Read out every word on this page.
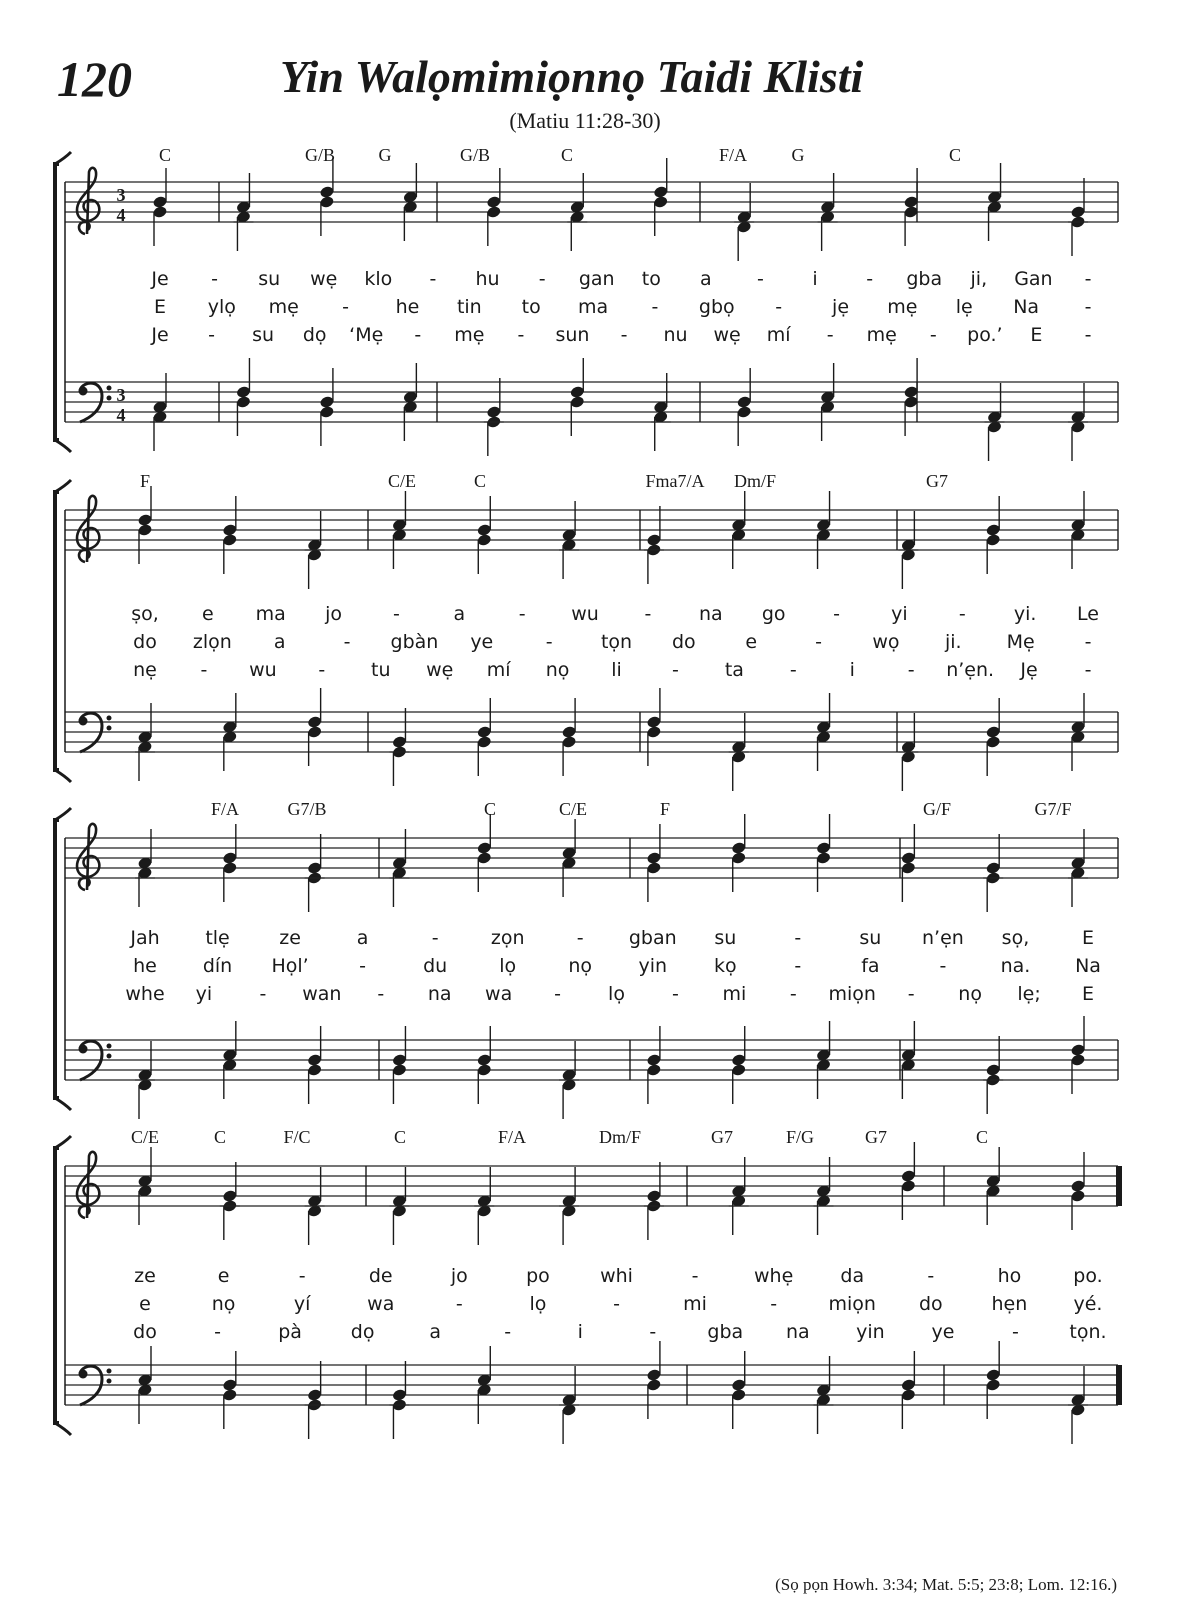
120	Yin Walọmimiọnnọ Taidi Klisti
(Matiu 11:28-30)
3
4
3
4
C	G/B G	G/B	C	F/A G	C
Je - su wẹ klo - hu - gan to a -	i	- gba ji, Gan -
E ylọ mẹ - he tin to ma - gbọ -	jẹ mẹ lẹ Na -
Je - su dọ ‘Mẹ - mẹ - sun - nu wẹ mí - mẹ - po.’ E -
F	C/E	C	Fma7/A Dm/F	G7
ṣo, e ma jo	-	a	- wu -	na go	-	yi	-	yi. Le
do zlọn a	- gbàn ye	-	tọn do	e	-	wọ ji. Mẹ	-
nẹ - wu - tu wẹ mí nọ li	- ta -	i	- n’ẹn. Jẹ -
F/A	G7/B	C	C/E	F	G/F	G7/F
Jah tlẹ	ze	a	-	zọn	- gban su	-	su n’ẹn sọ,	E
he dín Họl’	-	du	lọ	nọ yin kọ	-	fa	-	na. Na
whe yi - wan - na wa - lọ - mi - miọn - nọ lẹ; E
C/E	C	F/C	C	F/A	Dm/F	G7	F/G	G7	C
ze	e	-	de	jo	po	whi	-	whẹ da	-	ho	po.
e	nọ	yí	wa	-	lọ	-	mi	-	miọn do	hẹn yé.
do	-	pà	dọ	a	-	i	-	gba na yin ye	-	tọn.
(Sọ pọn Howh. 3:34; Mat. 5:5; 23:8; Lom. 12:16.)
